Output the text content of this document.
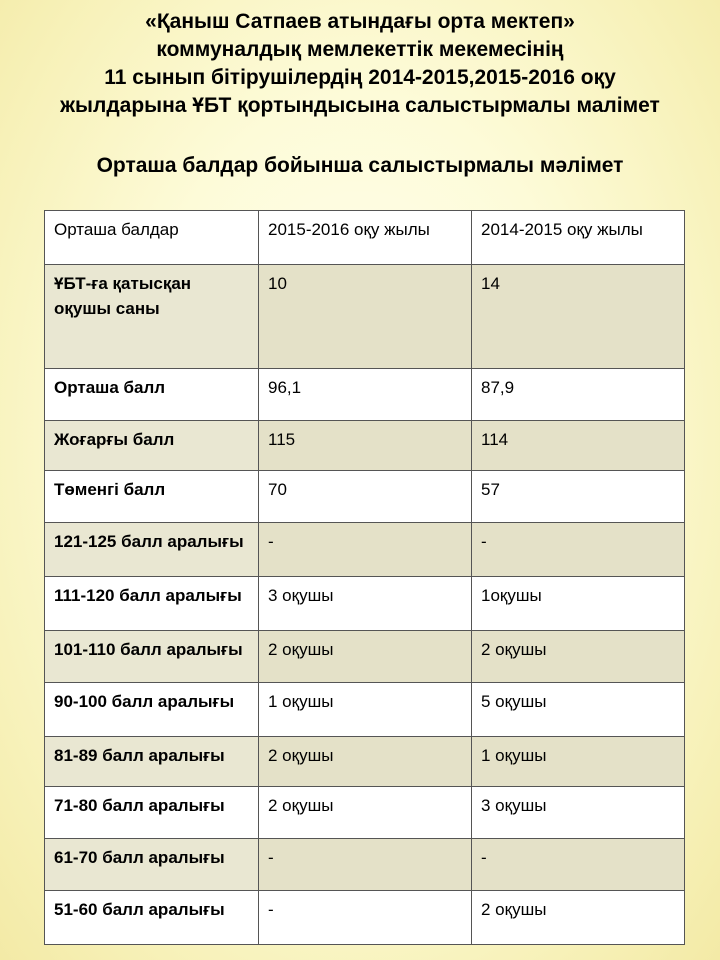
«Қаныш Сатпаев атындағы орта мектеп»
коммуналдық мемлекеттік мекемесінің
11 сынып бітірушілердің 2014-2015,2015-2016 оқу
жылдарына ҰБТ қортындысына салыстырмалы малімет
Орташа балдар бойынша салыстырмалы мәлімет
Орташа балдар	2015-2016 оқу жылы	2014-2015 оқу жылы
ҰБТ-ға қатысқан оқушы саны	10	14
Орташа балл	96,1	87,9
Жоғарғы балл	115	114
Төменгі балл	70	57
121-125 балл аралығы	-	-
111-120 балл аралығы	3 оқушы	1оқушы
101-110 балл аралығы	2 оқушы	2 оқушы
90-100 балл аралығы	1 оқушы	5 оқушы
81-89 балл аралығы	2 оқушы	1 оқушы
71-80 балл аралығы	2 оқушы	3 оқушы
61-70 балл аралығы	-	-
51-60 балл аралығы	-	2 оқушы
